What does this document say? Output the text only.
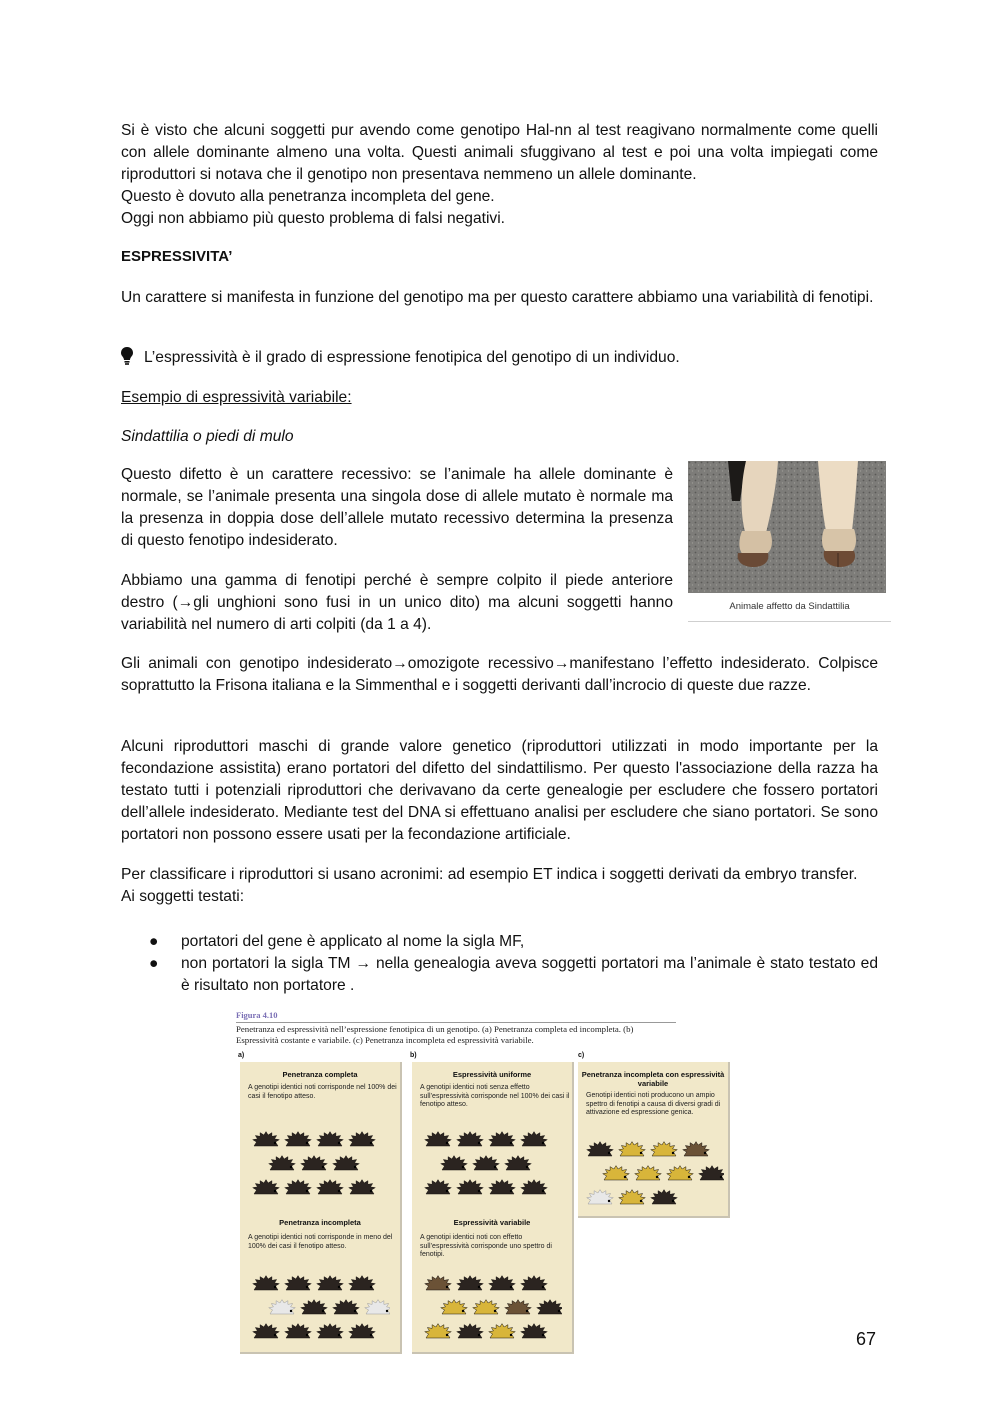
Si è visto che alcuni soggetti pur avendo come genotipo Hal-nn al test reagivano normalmente come quelli con allele dominante almeno una volta. Questi animali sfuggivano al test e poi una volta impiegati come riproduttori si notava che il genotipo non presentava nemmeno un allele dominante.
Questo è dovuto alla penetranza incompleta del gene.
Oggi non abbiamo più questo problema di falsi negativi.

ESPRESSIVITA’

Un carattere si manifesta in funzione del genotipo ma per questo carattere abbiamo una variabilità di fenotipi.

L’espressività è il grado di espressione fenotipica del genotipo di un individuo.

Esempio di espressività variabile:

Sindattilia o piedi di mulo

Questo difetto è un carattere recessivo: se l’animale ha allele dominante è normale, se l’animale presenta una singola dose di allele mutato è normale ma la presenza in doppia dose dell’allele mutato recessivo determina la presenza di questo fenotipo indesiderato.

Abbiamo una gamma di fenotipi perché è sempre colpito il piede anteriore destro (→gli unghioni sono fusi in un unico dito) ma alcuni soggetti hanno variabilità nel numero di arti colpiti (da 1 a 4).

Animale affetto da Sindattilia

Gli animali con genotipo indesiderato→omozigote recessivo→manifestano l’effetto indesiderato. Colpisce soprattutto la Frisona italiana e la Simmenthal e i soggetti derivanti dall’incrocio di queste due razze.

Alcuni riproduttori maschi di grande valore genetico (riproduttori utilizzati in modo importante per la fecondazione assistita) erano portatori del difetto del sindattilismo. Per questo l'associazione della razza ha testato tutti i potenziali riproduttori che derivavano da certe genealogie per escludere che fossero portatori dell’allele indesiderato. Mediante test del DNA si effettuano analisi per escludere che siano portatori. Se sono portatori non possono essere usati per la fecondazione artificiale.

Per classificare i riproduttori si usano acronimi: ad esempio ET indica i soggetti derivati da embryo transfer.
Ai soggetti testati:

● portatori del gene è applicato al nome la sigla MF,
● non portatori la sigla TM → nella genealogia aveva soggetti portatori ma l’animale è stato testato ed è risultato non portatore .
Figura 4.10
Penetranza ed espressività nell’espressione fenotipica di un genotipo. (a) Penetranza completa ed incompleta. (b) Espressività costante e variabile. (c) Penetranza incompleta ed espressività variabile.
a)	b)	c)
Penetranza completa
A genotipi identici noti corrisponde nel 100% dei casi il fenotipo atteso.
Penetranza incompleta
A genotipi identici noti corrisponde in meno del 100% dei casi il fenotipo atteso.
Espressività uniforme
A genotipi identici noti senza effetto sull’espressività corrisponde nel 100% dei casi il fenotipo atteso.
Espressività variabile
A genotipi identici noti con effetto sull’espressività corrisponde uno spettro di fenotipi.
Penetranza incompleta con espressività variabile
Genotipi identici noti producono un ampio spettro di fenotipi a causa di diversi gradi di attivazione ed espressione genica.
67
